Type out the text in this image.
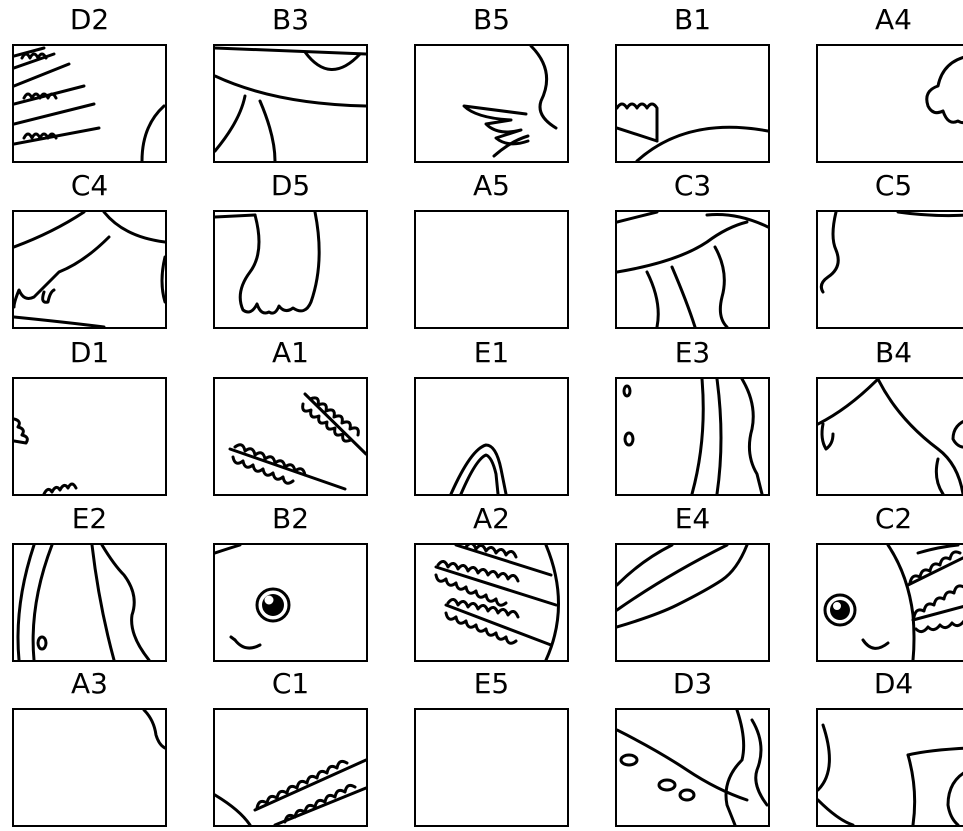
D2	B3	B5	B1	A4
C4	D5	A5	C3	C5
D1	A1	E1	E3	B4
E2	B2	A2	E4	C2
A3	C1	E5	D3	D4
